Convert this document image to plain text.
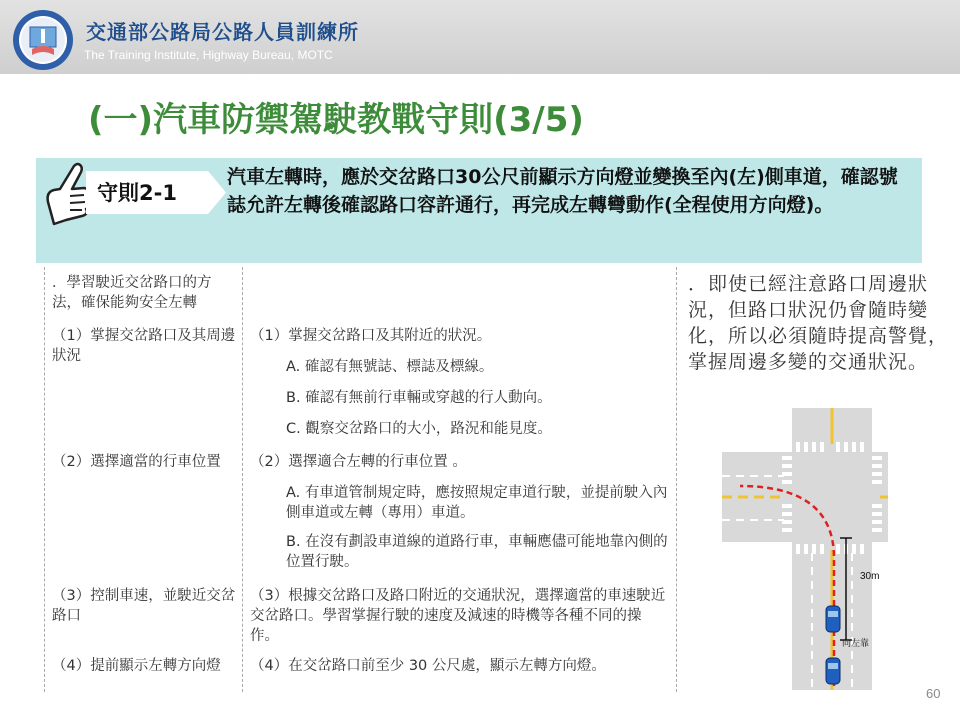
交通部公路局公路人員訓練所
The Training Institute, Highway Bureau, MOTC
(一)汽車防禦駕駛教戰守則(3/5)
守則2-1
汽車左轉時，應於交岔路口30公尺前顯示方向燈並變換至內(左)側車道，確認號誌允許左轉後確認路口容許通行，再完成左轉彎動作(全程使用方向燈)。
．學習駛近交岔路口的方法，確保能夠安全左轉
（1）掌握交岔路口及其周邊狀況
（1）掌握交岔路口及其附近的狀況。
A. 確認有無號誌、標誌及標線。
B. 確認有無前行車輛或穿越的行人動向。
C. 觀察交岔路口的大小，路況和能見度。
（2）選擇適當的行車位置	（2）選擇適合左轉的行車位置 。
A. 有車道管制規定時，應按照規定車道行駛，並提前駛入內側車道或左轉（專用）車道。
B. 在沒有劃設車道線的道路行車，車輛應儘可能地靠內側的位置行駛。
（3）控制車速，並駛近交岔路口
（3）根據交岔路口及路口附近的交通狀況，選擇適當的車速駛近交岔路口。學習掌握行駛的速度及減速的時機等各種不同的操作。
（4）提前顯示左轉方向燈	（4）在交岔路口前至少 30 公尺處，顯示左轉方向燈。
．即使已經注意路口周邊狀況，但路口狀況仍會隨時變化，所以必須隨時提高警覺，掌握周邊多變的交通狀況。
30m
向左靠
60
